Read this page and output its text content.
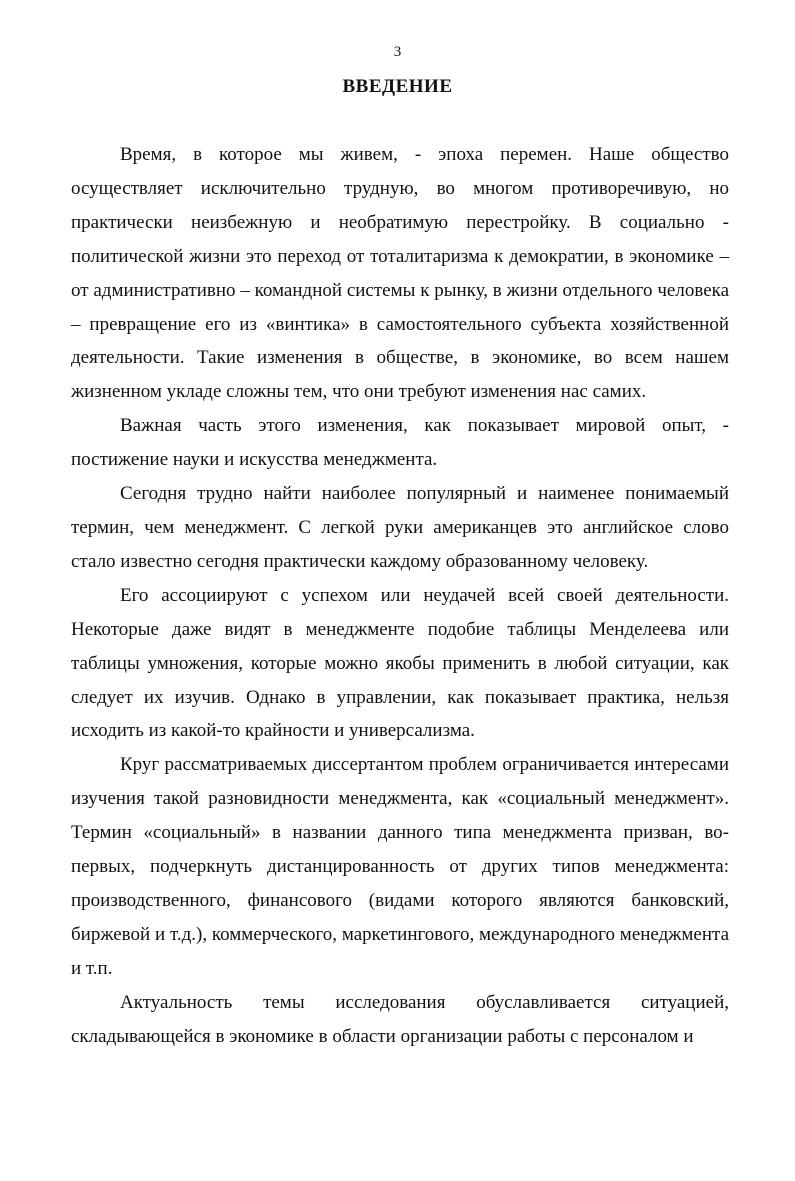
3
ВВЕДЕНИЕ

Время, в которое мы живем, - эпоха перемен. Наше общество осуществляет исключительно трудную, во многом противоречивую, но практически неизбежную и необратимую перестройку. В социально - политической жизни это переход от тоталитаризма к демократии, в экономике – от административно – командной системы к рынку, в жизни отдельного человека – превращение его из «винтика» в самостоятельного субъекта хозяйственной деятельности. Такие изменения в обществе, в экономике, во всем нашем жизненном укладе сложны тем, что они требуют изменения нас самих.

Важная часть этого изменения, как показывает мировой опыт, - постижение науки и искусства менеджмента.

Сегодня трудно найти наиболее популярный и наименее понимаемый термин, чем менеджмент. С легкой руки американцев это английское слово стало известно сегодня практически каждому образованному человеку.

Его ассоциируют с успехом или неудачей всей своей деятельности. Некоторые даже видят в менеджменте подобие таблицы Менделеева или таблицы умножения, которые можно якобы применить в любой ситуации, как следует их изучив. Однако в управлении, как показывает практика, нельзя исходить из какой-то крайности и универсализма.

Круг рассматриваемых диссертантом проблем ограничивается интересами изучения такой разновидности менеджмента, как «социальный менеджмент». Термин «социальный» в названии данного типа менеджмента призван, во- первых, подчеркнуть дистанцированность от других типов менеджмента: производственного, финансового (видами которого являются банковский, биржевой и т.д.), коммерческого, маркетингового, международного менеджмента и т.п.

Актуальность темы исследования обуславливается ситуацией, складывающейся в экономике в области организации работы с персоналом и
